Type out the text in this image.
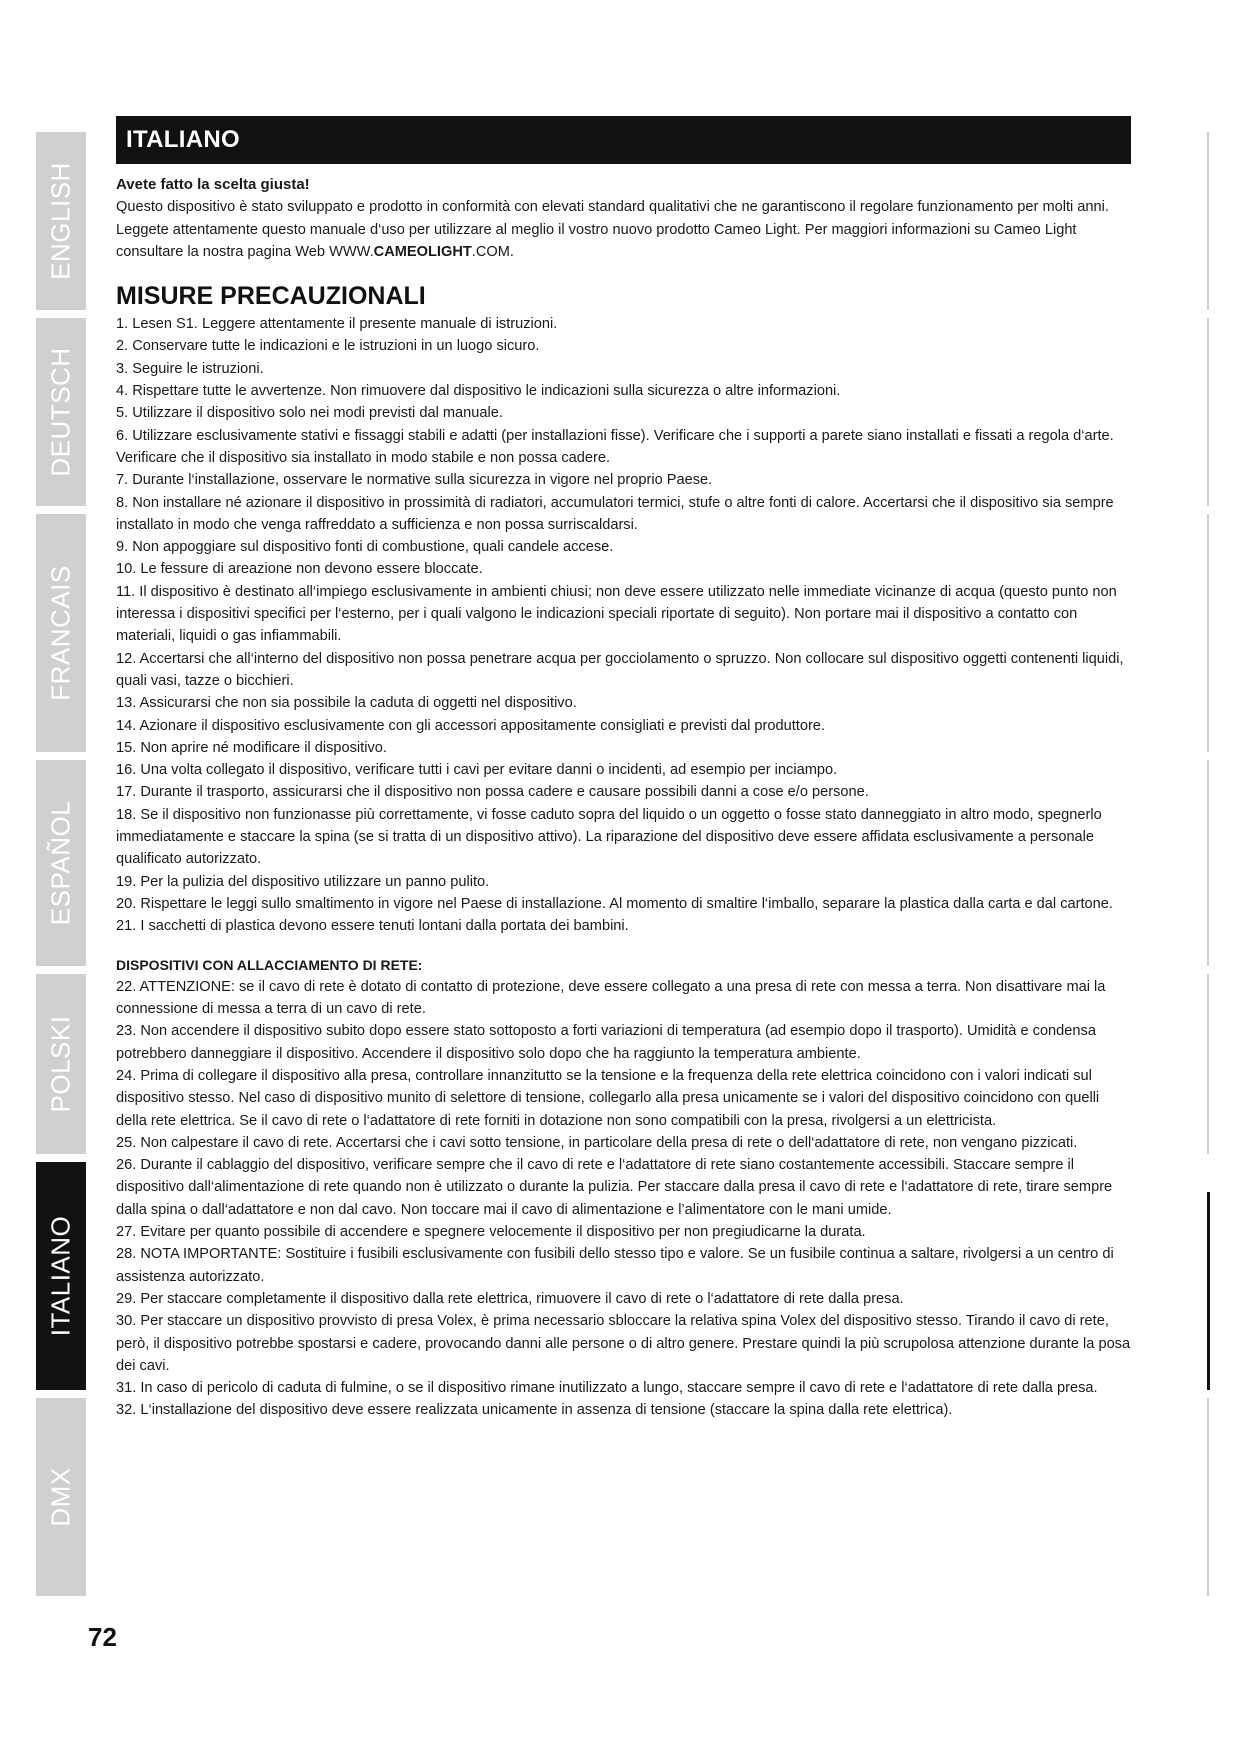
ENGLISH
DEUTSCH
FRANCAIS
ESPAÑOL
POLSKI
ITALIANO
DMX
ITALIANO
Avete fatto la scelta giusta!

Questo dispositivo è stato sviluppato e prodotto in conformità con elevati standard qualitativi che ne garantiscono il regolare funzionamento per molti anni. Leggete attentamente questo manuale d‘uso per utilizzare al meglio il vostro nuovo prodotto Cameo Light. Per maggiori informazioni su Cameo Light consultare la nostra pagina Web WWW.CAMEOLIGHT.COM.

MISURE PRECAUZIONALI
1. Lesen S1. Leggere attentamente il presente manuale di istruzioni.
2. Conservare tutte le indicazioni e le istruzioni in un luogo sicuro.
3. Seguire le istruzioni.
4. Rispettare tutte le avvertenze. Non rimuovere dal dispositivo le indicazioni sulla sicurezza o altre informazioni.
5. Utilizzare il dispositivo solo nei modi previsti dal manuale.
6. Utilizzare esclusivamente stativi e fissaggi stabili e adatti (per installazioni fisse). Verificare che i supporti a parete siano installati e fissati a regola d‘arte. Verificare che il dispositivo sia installato in modo stabile e non possa cadere.
7. Durante l‘installazione, osservare le normative sulla sicurezza in vigore nel proprio Paese.
8. Non installare né azionare il dispositivo in prossimità di radiatori, accumulatori termici, stufe o altre fonti di calore. Accertarsi che il dispositivo sia sempre installato in modo che venga raffreddato a sufficienza e non possa surriscaldarsi.
9. Non appoggiare sul dispositivo fonti di combustione, quali candele accese.
10. Le fessure di areazione non devono essere bloccate.
11. Il dispositivo è destinato all‘impiego esclusivamente in ambienti chiusi; non deve essere utilizzato nelle immediate vicinanze di acqua (questo punto non interessa i dispositivi specifici per l‘esterno, per i quali valgono le indicazioni speciali riportate di seguito). Non portare mai il dispositivo a contatto con materiali, liquidi o gas infiammabili.
12. Accertarsi che all‘interno del dispositivo non possa penetrare acqua per gocciolamento o spruzzo. Non collocare sul dispositivo oggetti contenenti liquidi, quali vasi, tazze o bicchieri.
13. Assicurarsi che non sia possibile la caduta di oggetti nel dispositivo.
14. Azionare il dispositivo esclusivamente con gli accessori appositamente consigliati e previsti dal produttore.
15. Non aprire né modificare il dispositivo.
16. Una volta collegato il dispositivo, verificare tutti i cavi per evitare danni o incidenti, ad esempio per inciampo.
17. Durante il trasporto, assicurarsi che il dispositivo non possa cadere e causare possibili danni a cose e/o persone.
18. Se il dispositivo non funzionasse più correttamente, vi fosse caduto sopra del liquido o un oggetto o fosse stato danneggiato in altro modo, spegnerlo immediatamente e staccare la spina (se si tratta di un dispositivo attivo). La riparazione del dispositivo deve essere affidata esclusivamente a personale qualificato autorizzato.
19. Per la pulizia del dispositivo utilizzare un panno pulito.
20. Rispettare le leggi sullo smaltimento in vigore nel Paese di installazione. Al momento di smaltire l‘imballo, separare la plastica dalla carta e dal cartone.
21. I sacchetti di plastica devono essere tenuti lontani dalla portata dei bambini.
DISPOSITIVI CON ALLACCIAMENTO DI RETE:
22. ATTENZIONE: se il cavo di rete è dotato di contatto di protezione, deve essere collegato a una presa di rete con messa a terra. Non disattivare mai la connessione di messa a terra di un cavo di rete.
23. Non accendere il dispositivo subito dopo essere stato sottoposto a forti variazioni di temperatura (ad esempio dopo il trasporto). Umidità e condensa potrebbero danneggiare il dispositivo. Accendere il dispositivo solo dopo che ha raggiunto la temperatura ambiente.
24. Prima di collegare il dispositivo alla presa, controllare innanzitutto se la tensione e la frequenza della rete elettrica coincidono con i valori indicati sul dispositivo stesso. Nel caso di dispositivo munito di selettore di tensione, collegarlo alla presa unicamente se i valori del dispositivo coincidono con quelli della rete elettrica. Se il cavo di rete o l‘adattatore di rete forniti in dotazione non sono compatibili con la presa, rivolgersi a un elettricista.
25. Non calpestare il cavo di rete. Accertarsi che i cavi sotto tensione, in particolare della presa di rete o dell‘adattatore di rete, non vengano pizzicati.
26. Durante il cablaggio del dispositivo, verificare sempre che il cavo di rete e l‘adattatore di rete siano costantemente accessibili. Staccare sempre il dispositivo dall‘alimentazione di rete quando non è utilizzato o durante la pulizia. Per staccare dalla presa il cavo di rete e l‘adattatore di rete, tirare sempre dalla spina o dall‘adattatore e non dal cavo. Non toccare mai il cavo di alimentazione e l’alimentatore con le mani umide.
27. Evitare per quanto possibile di accendere e spegnere velocemente il dispositivo per non pregiudicarne la durata.
28. NOTA IMPORTANTE: Sostituire i fusibili esclusivamente con fusibili dello stesso tipo e valore. Se un fusibile continua a saltare, rivolgersi a un centro di assistenza autorizzato.
29. Per staccare completamente il dispositivo dalla rete elettrica, rimuovere il cavo di rete o l‘adattatore di rete dalla presa.
30. Per staccare un dispositivo provvisto di presa Volex, è prima necessario sbloccare la relativa spina Volex del dispositivo stesso. Tirando il cavo di rete, però, il dispositivo potrebbe spostarsi e cadere, provocando danni alle persone o di altro genere. Prestare quindi la più scrupolosa attenzione durante la posa dei cavi.
31. In caso di pericolo di caduta di fulmine, o se il dispositivo rimane inutilizzato a lungo, staccare sempre il cavo di rete e l‘adattatore di rete dalla presa.
32. L‘installazione del dispositivo deve essere realizzata unicamente in assenza di tensione (staccare la spina dalla rete elettrica).
72
